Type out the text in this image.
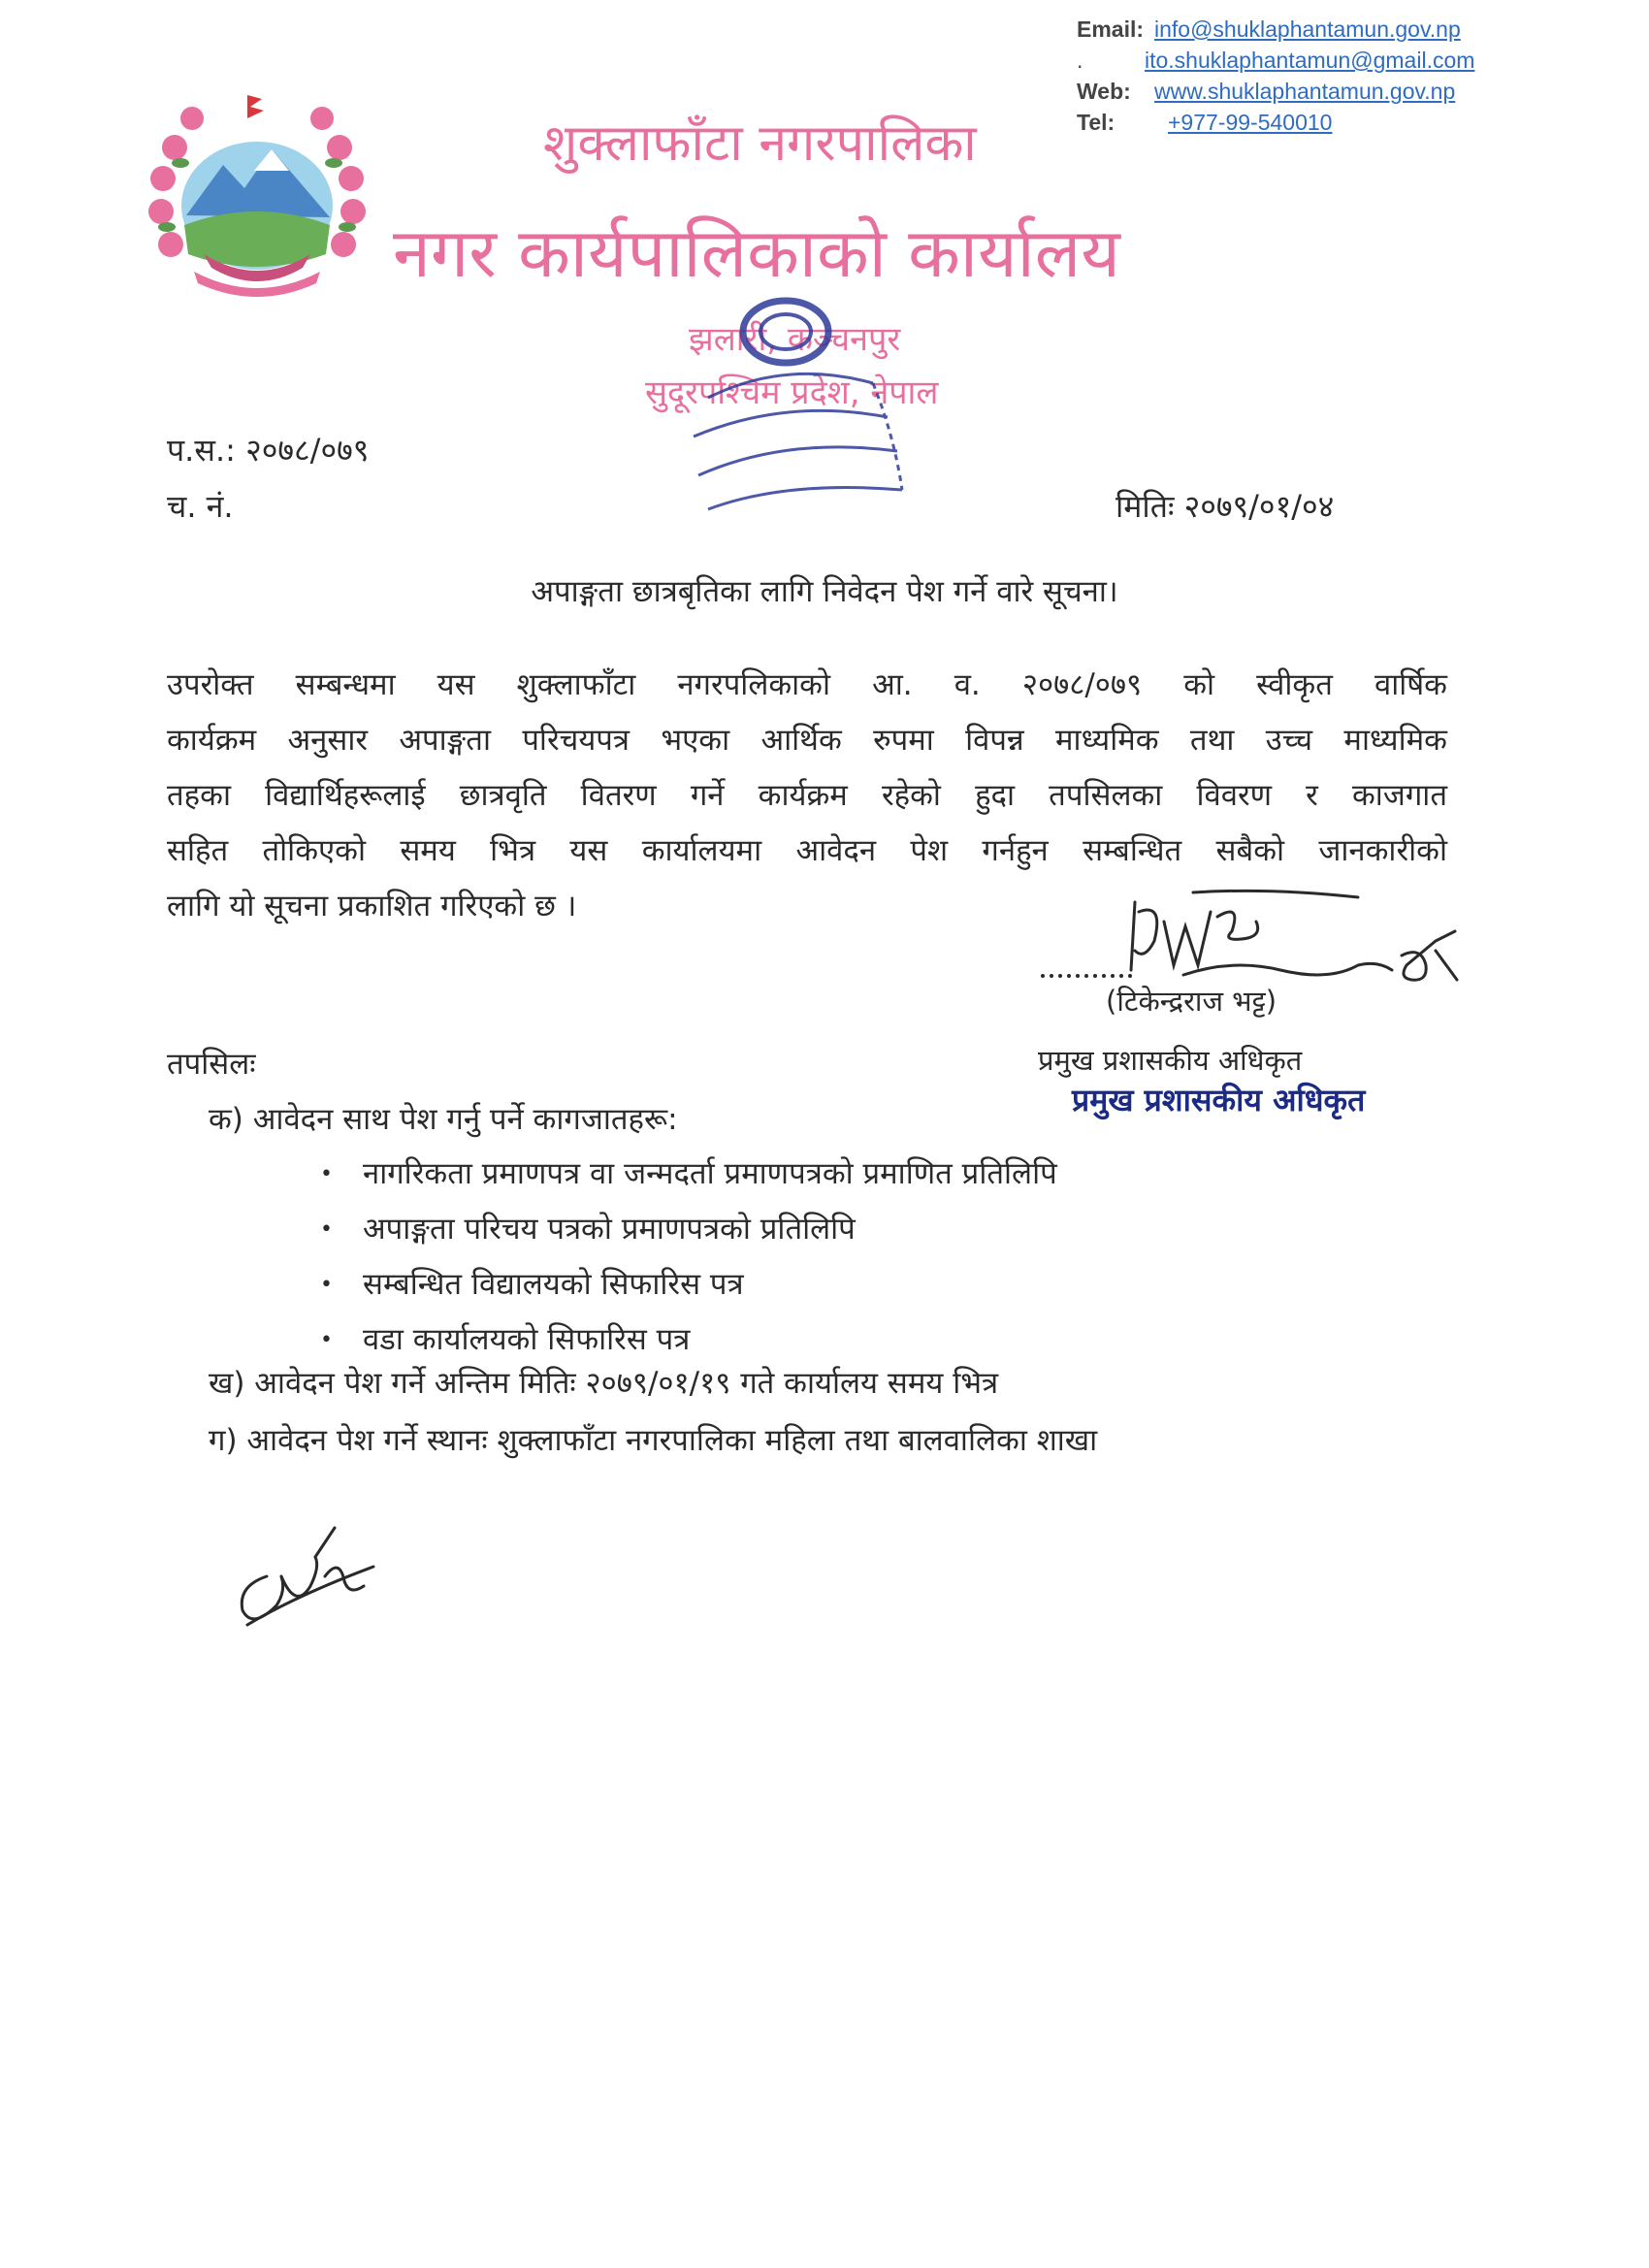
Email: info@shuklaphantamun.gov.np
.	ito.shuklaphantamun@gmail.com
Web:	www.shuklaphantamun.gov.np
Tel:	+977-99-540010
शुक्लाफाँटा नगरपालिका
नगर कार्यपालिकाको कार्यालय
झलारी, कञ्चनपुर
सुदूरपश्चिम प्रदेश, नेपाल
प.स.: २०७८/०७९
च. नं.	मितिः २०७९/०१/०४
अपाङ्गता छात्रबृतिका लागि निवेदन पेश गर्ने वारे सूचना।
उपरोक्त सम्बन्धमा यस शुक्लाफाँटा नगरपलिकाको आ. व. २०७८/०७९ को स्वीकृत वार्षिक
कार्यक्रम अनुसार अपाङ्गता परिचयपत्र भएका आर्थिक रुपमा विपन्न माध्यमिक तथा उच्च माध्यमिक
तहका विद्यार्थिहरूलाई छात्रवृति वितरण गर्ने कार्यक्रम रहेको हुदा तपसिलका विवरण र काजगात
सहित तोकिएको समय भित्र यस कार्यालयमा आवेदन पेश गर्नहुन सम्बन्धित सबैको जानकारीको
लागि यो सूचना प्रकाशित गरिएको छ ।
(टिकेन्द्रराज भट्ट)
प्रमुख प्रशासकीय अधिकृत
प्रमुख प्रशासकीय अधिकृत
तपसिलः
क) आवेदन साथ पेश गर्नु पर्ने कागजातहरू:
•	नागरिकता प्रमाणपत्र वा जन्मदर्ता प्रमाणपत्रको प्रमाणित प्रतिलिपि
•	अपाङ्गता परिचय पत्रको प्रमाणपत्रको प्रतिलिपि
•	सम्बन्धित विद्यालयको सिफारिस पत्र
•	वडा कार्यालयको सिफारिस पत्र
ख) आवेदन पेश गर्ने अन्तिम मितिः २०७९/०१/१९ गते कार्यालय समय भित्र
ग) आवेदन पेश गर्ने स्थानः शुक्लाफाँटा नगरपालिका महिला तथा बालवालिका शाखा
